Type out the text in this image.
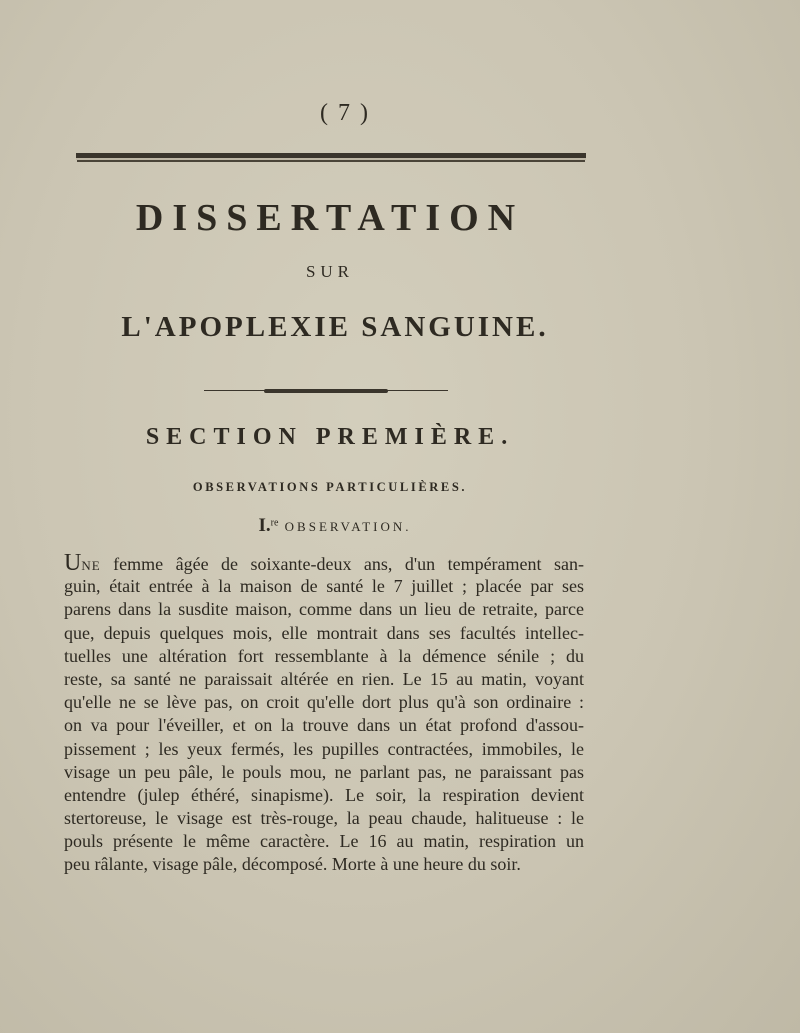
( 7 )
DISSERTATION
SUR
L'APOPLEXIE SANGUINE.
SECTION PREMIÈRE.
OBSERVATIONS PARTICULIÈRES.
I.$^{re}$ OBSERVATION.
UNE femme âgée de soixante-deux ans, d'un tempérament san-
guin, était entrée à la maison de santé le 7 juillet ; placée par ses
parens dans la susdite maison, comme dans un lieu de retraite, parce
que, depuis quelques mois, elle montrait dans ses facultés intellec-
tuelles une altération fort ressemblante à la démence sénile ; du
reste, sa santé ne paraissait altérée en rien. Le 15 au matin, voyant
qu'elle ne se lève pas, on croit qu'elle dort plus qu'à son ordinaire :
on va pour l'éveiller, et on la trouve dans un état profond d'assou-
pissement ; les yeux fermés, les pupilles contractées, immobiles, le
visage un peu pâle, le pouls mou, ne parlant pas, ne paraissant pas
entendre (julep éthéré, sinapisme). Le soir, la respiration devient
stertoreuse, le visage est très-rouge, la peau chaude, halitueuse : le
pouls présente le même caractère. Le 16 au matin, respiration un
peu râlante, visage pâle, décomposé. Morte à une heure du soir.
